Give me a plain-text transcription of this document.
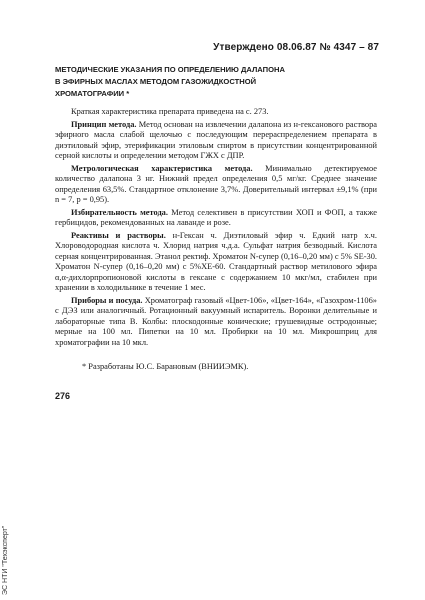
Утверждено 08.06.87 № 4347 – 87
МЕТОДИЧЕСКИЕ УКАЗАНИЯ ПО ОПРЕДЕЛЕНИЮ ДАЛАПОНА
В ЭФИРНЫХ МАСЛАХ МЕТОДОМ ГАЗОЖИДКОСТНОЙ
ХРОМАТОГРАФИИ *

Краткая характеристика препарата приведена на с. 273.

Принцип метода. Метод основан на извлечении далапона из н-гексанового раствора эфирного масла слабой щелочью с последующим перераспределением препарата в диэтиловый эфир, этерификации этиловым спиртом в присутствии концентрированной серной кислоты и определении методом ГЖХ с ДПР.

Метрологическая характеристика метода. Минимально детектируемое количество далапона 3 нг. Нижний предел определения 0,5 мг/кг. Среднее значение определения 63,5%. Стандартное отклонение 3,7%. Доверительный интервал ±9,1% (при n = 7, p = 0,95).

Избирательность метода. Метод селективен в присутствии ХОП и ФОП, а также гербицидов, рекомендованных на лаванде и розе.

Реактивы и растворы. н-Гексан ч. Диэтиловый эфир ч. Едкий натр х.ч. Хлороводородная кислота ч. Хлорид натрия ч.д.а. Сульфат натрия безводный. Кислота серная концентрированная. Этанол ректиф. Хроматон N-супер (0,16–0,20 мм) с 5% SE-30. Хроматон N-супер (0,16–0,20 мм) с 5%ХЕ-60. Стандартный раствор метилового эфира α,α-дихлорпропионовой кислоты в гексане с содержанием 10 мкг/мл, стабилен при хранении в холодильнике в течение 1 мес.

Приборы и посуда. Хроматограф газовый «Цвет-106», «Цвет-164», «Газохром-1106» с ДЭЗ или аналогичный. Ротационный вакуумный испаритель. Воронки делительные и лабораторные типа В. Колбы: плоскодонные конические; грушевидные остродонные; мерные на 100 мл. Пипетки на 10 мл. Пробирки на 10 мл. Микрошприц для хроматографии на 10 мкл.

* Разработаны Ю.С. Барановым (ВНИИЭМК).
276
ЭС НТИ "Техэксперт"
